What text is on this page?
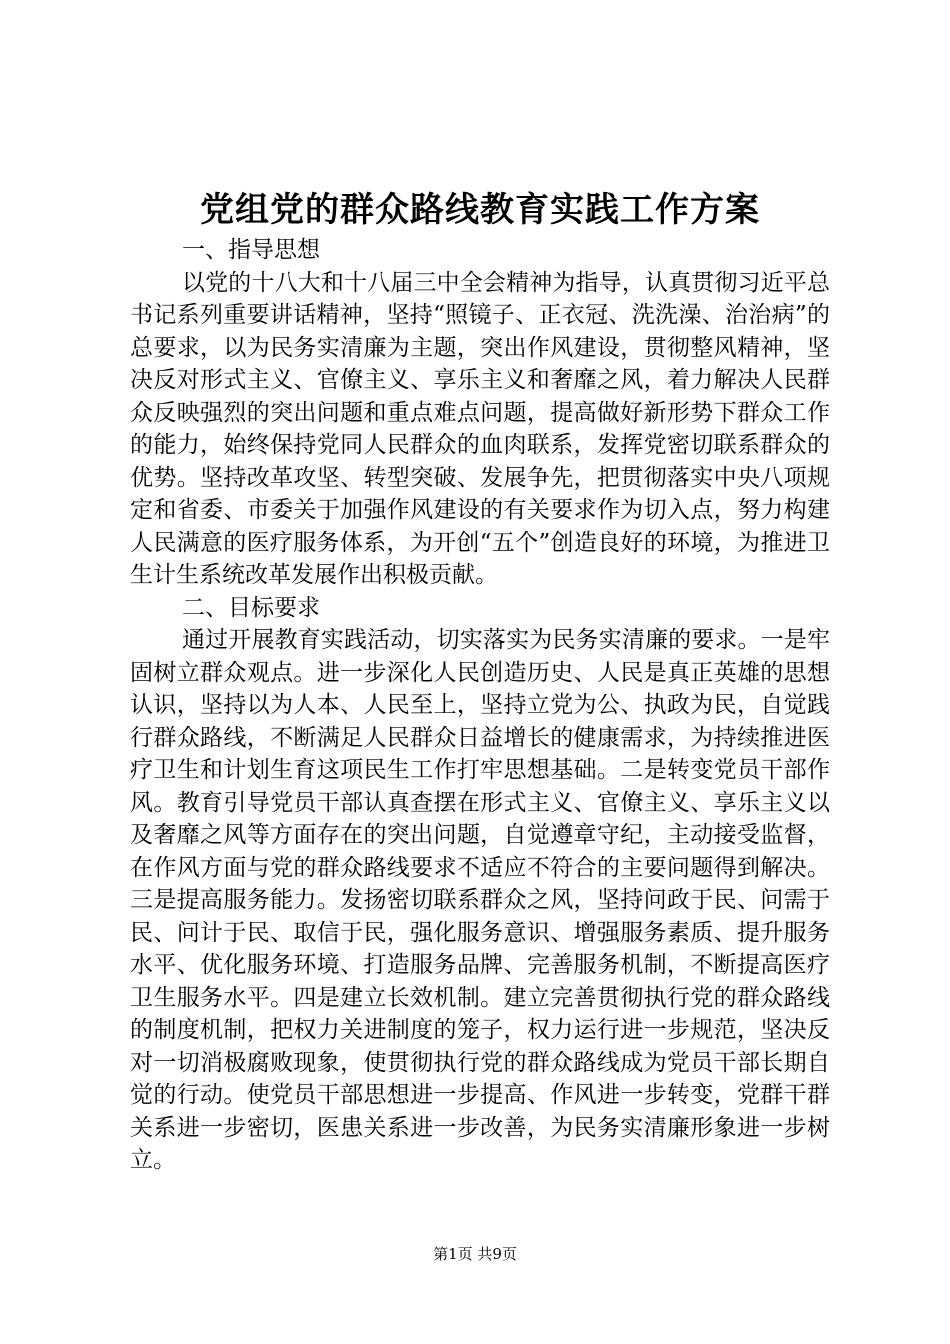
党组党的群众路线教育实践工作方案
一、指导思想

以党的十八大和十八届三中全会精神为指导，认真贯彻习近平总书记系列重要讲话精神，坚持“照镜子、正衣冠、洗洗澡、治治病”的总要求，以为民务实清廉为主题，突出作风建设，贯彻整风精神，坚决反对形式主义、官僚主义、享乐主义和奢靡之风，着力解决人民群众反映强烈的突出问题和重点难点问题，提高做好新形势下群众工作的能力，始终保持党同人民群众的血肉联系，发挥党密切联系群众的优势。坚持改革攻坚、转型突破、发展争先，把贯彻落实中央八项规定和省委、市委关于加强作风建设的有关要求作为切入点，努力构建人民满意的医疗服务体系，为开创“五个”创造良好的环境，为推进卫生计生系统改革发展作出积极贡献。

二、目标要求

通过开展教育实践活动，切实落实为民务实清廉的要求。一是牢固树立群众观点。进一步深化人民创造历史、人民是真正英雄的思想认识，坚持以为人本、人民至上，坚持立党为公、执政为民，自觉践行群众路线，不断满足人民群众日益增长的健康需求，为持续推进医疗卫生和计划生育这项民生工作打牢思想基础。二是转变党员干部作风。教育引导党员干部认真查摆在形式主义、官僚主义、享乐主义以及奢靡之风等方面存在的突出问题，自觉遵章守纪，主动接受监督，在作风方面与党的群众路线要求不适应不符合的主要问题得到解决。三是提高服务能力。发扬密切联系群众之风，坚持问政于民、问需于民、问计于民、取信于民，强化服务意识、增强服务素质、提升服务水平、优化服务环境、打造服务品牌、完善服务机制，不断提高医疗卫生服务水平。四是建立长效机制。建立完善贯彻执行党的群众路线的制度机制，把权力关进制度的笼子，权力运行进一步规范，坚决反对一切消极腐败现象，使贯彻执行党的群众路线成为党员干部长期自觉的行动。使党员干部思想进一步提高、作风进一步转变，党群干群关系进一步密切，医患关系进一步改善，为民务实清廉形象进一步树立。

第1页 共9页
